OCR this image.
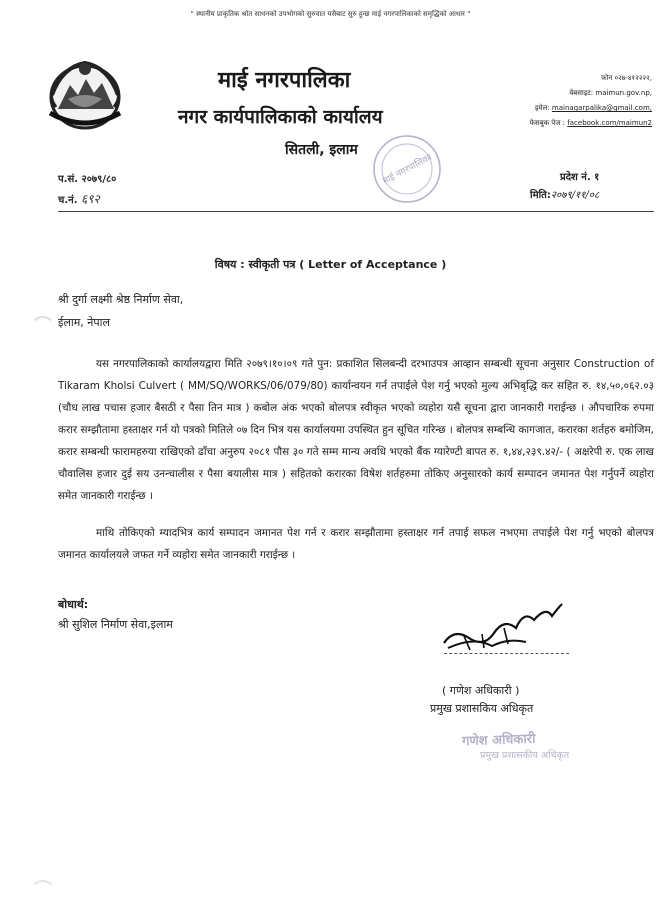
" स्थानीय प्राकृतिक श्रोत साधनको उपभोगको सुरुवात यसैबाट सुरु हुन्छ माई नगरपालिकाको समृद्धिको आधार "
माई नगरपालिका
नगर कार्यपालिकाको कार्यालय
सितली, इलाम
फोन ०२७-४१२२२२,
वेबसाइट: maimun.gov.np,
इमेल: mainagarpalika@gmail.com,
फेसबुक पेज : facebook.com/maimun2
माई नगरपालिका
प.सं. २०७९/८०
च.नं. ६९२
प्रदेश नं. १
मिति:२०७९/११/०८
विषय : स्वीकृती पत्र ( Letter of Acceptance )
श्री दुर्गा लक्ष्मी श्रेष्ठ निर्माण सेवा,
ईलाम, नेपाल
यस नगरपालिकाको कार्यालयद्वारा मिति २०७९।१०।०९ गते पुन: प्रकाशित सिलबन्दी दरभाउपत्र आव्हान सम्बन्धी सूचना अनुसार Construction of Tikaram Kholsi Culvert ( MM/SQ/WORKS/06/079/80) कार्यान्वयन गर्न तपाईले पेश गर्नु भएको मुल्य अभिबृद्धि कर सहित रु. १४,५०,०६२.०३ (चौध लाख पचास हजार बैसठी र पैसा तिन मात्र ) कबोल अंक भएको बोलपत्र स्वीकृत भएको व्यहोरा यसै सूचना द्वारा जानकारी गराईन्छ । औपचारिक रुपमा करार सम्झौतामा हस्ताक्षर गर्न यो पत्रको मितिले ०७ दिन भित्र यस कार्यालयमा उपस्थित हुन सूचित गरिन्छ । बोलपत्र सम्बन्धि कागजात, करारका शर्तहरु बमोजिम, करार सम्बन्धी फारामहरुया राखिएको ढाँचा अनुरुप २०८१ पौस ३० गते सम्म मान्य अवधि भएको बैंक ग्यारेण्टी बापत रु. १,४४,२३९.४२/- ( अक्षरेपी रु. एक लाख चौवालिस हजार दुई सय उनन्चालीस र पैसा बयालीस मात्र ) सहितको करारका विषेश शर्तहरुमा तोकिए अनुसारको कार्य सम्पादन जमानत पेश गर्नुपर्ने व्यहोरा समेत जानकारी गराईन्छ ।
माथि तोकिएको म्यादभित्र कार्य सम्पादन जमानत पेश गर्न र करार सम्झौतामा हस्ताक्षर गर्न तपाई सफल नभएमा तपाईले पेश गर्नु भएको बोलपत्र जमानत कार्यालयले जफत गर्ने व्यहोरा समेत जानकारी गराईन्छ ।
बोधार्थ:
श्री सुशिल निर्माण सेवा,इलाम
( गणेश अधिकारी )
प्रमुख प्रशासकिय अधिकृत
गणेश अधिकारी
प्रमुख प्रशासकीय अधिकृत
